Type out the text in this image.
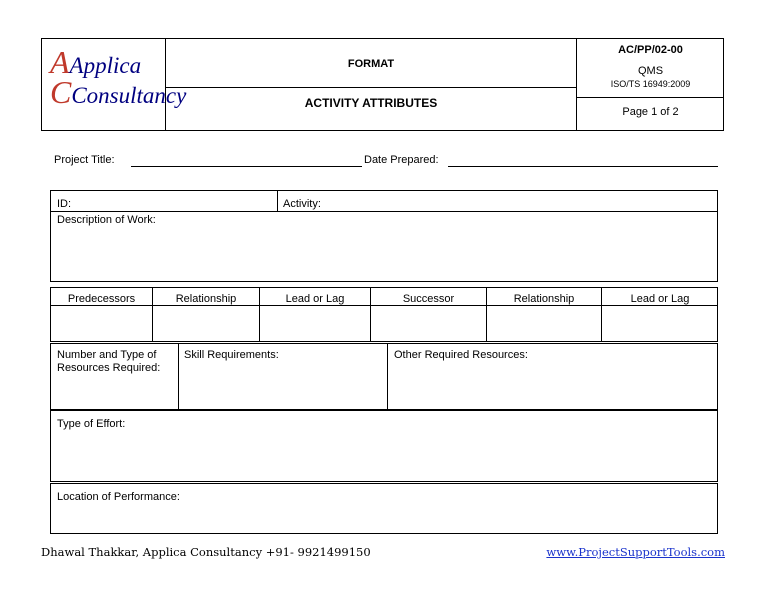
AApplica
CConsultancy
FORMAT
ACTIVITY ATTRIBUTES
AC/PP/02-00
QMS
ISO/TS 16949:2009
Page 1 of 2
Project Title:	Date Prepared:
ID:	Activity:
Description of Work:
Predecessors	Relationship	Lead or Lag	Successor	Relationship	Lead or Lag
Number and Type of
Resources Required:
Skill Requirements:	Other Required Resources:
Type of Effort:
Location of Performance:
Dhawal Thakkar, Applica Consultancy +91- 9921499150	www.ProjectSupportTools.com
